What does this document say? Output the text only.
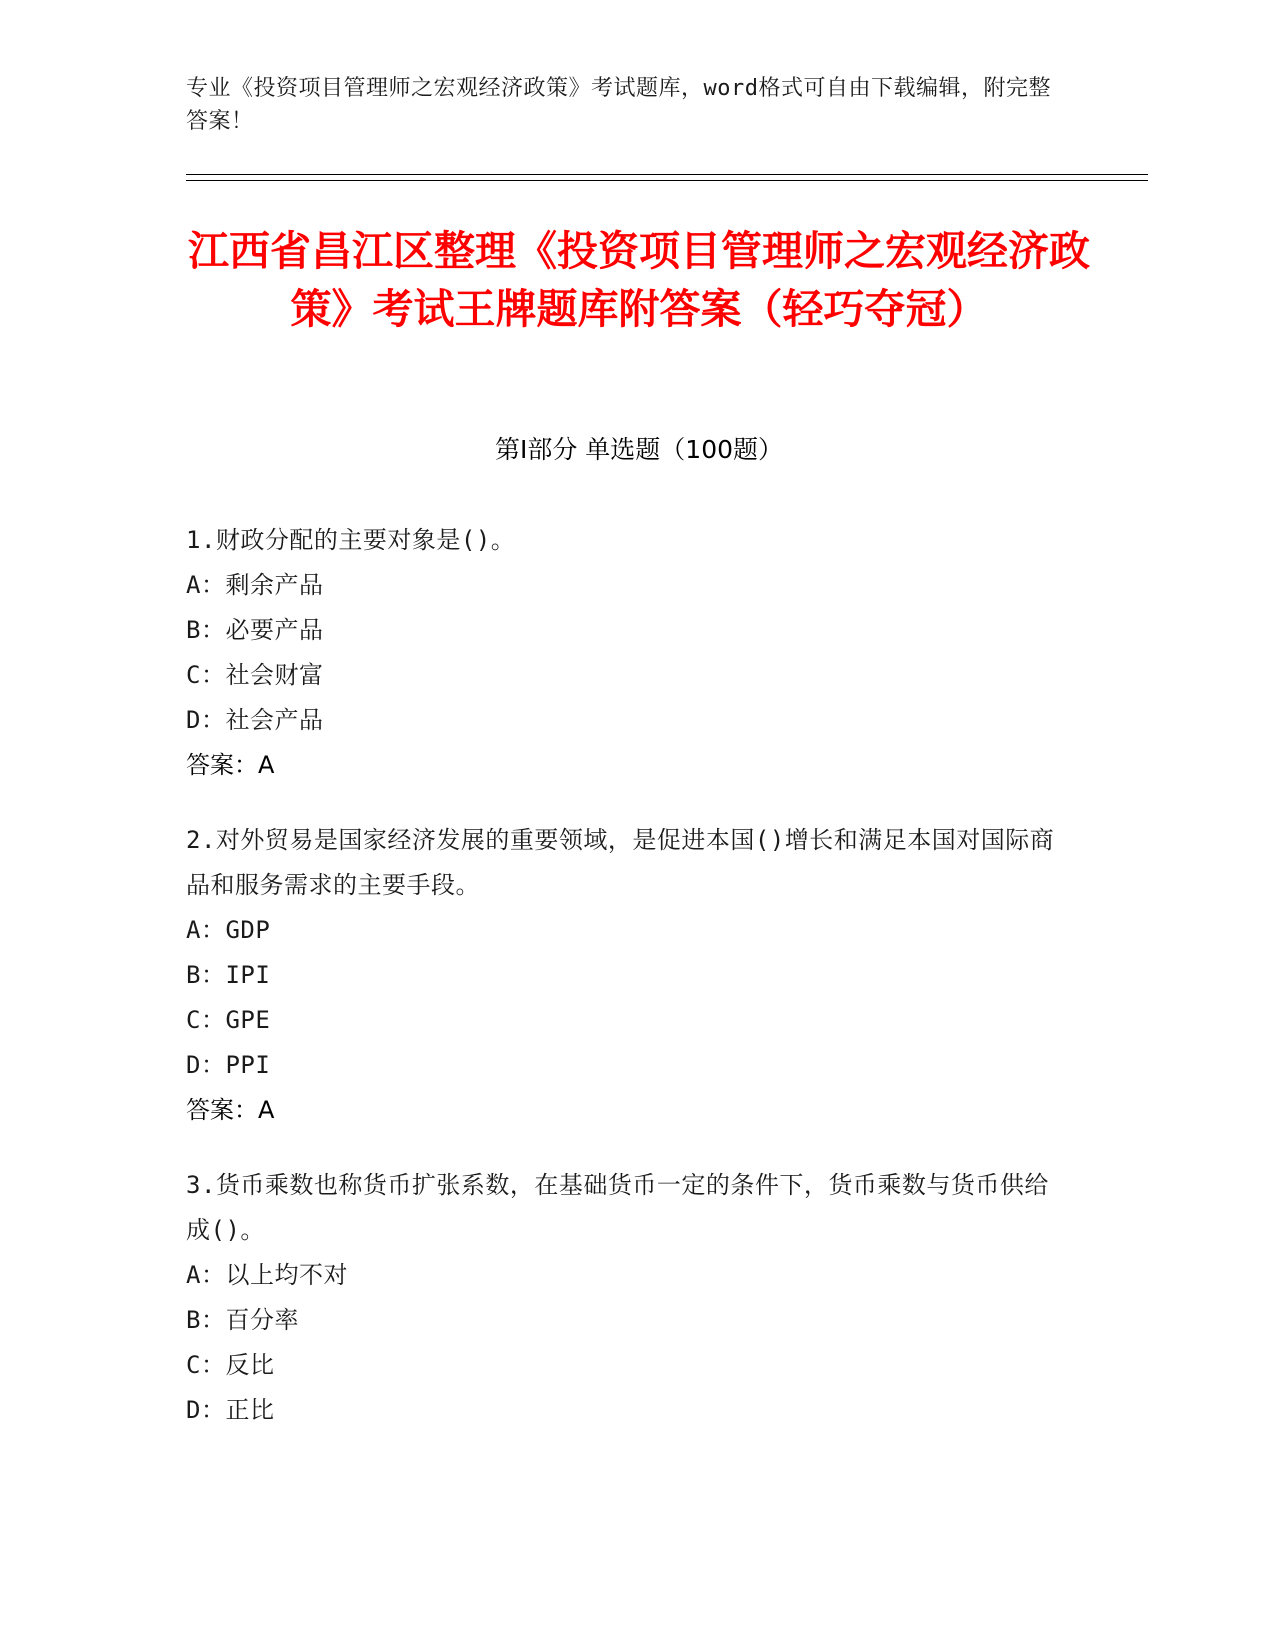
专业《投资项目管理师之宏观经济政策》考试题库，word格式可自由下载编辑，附完整答案！
江西省昌江区整理《投资项目管理师之宏观经济政策》考试王牌题库附答案（轻巧夺冠）
第Ⅰ部分 单选题（100题）
1.财政分配的主要对象是()。
A：剩余产品
B：必要产品
C：社会财富
D：社会产品
答案：A
2.对外贸易是国家经济发展的重要领域，是促进本国()增长和满足本国对国际商品和服务需求的主要手段。
A：GDP
B：IPI
C：GPE
D：PPI
答案：A
3.货币乘数也称货币扩张系数，在基础货币一定的条件下，货币乘数与货币供给成()。
A：以上均不对
B：百分率
C：反比
D：正比
